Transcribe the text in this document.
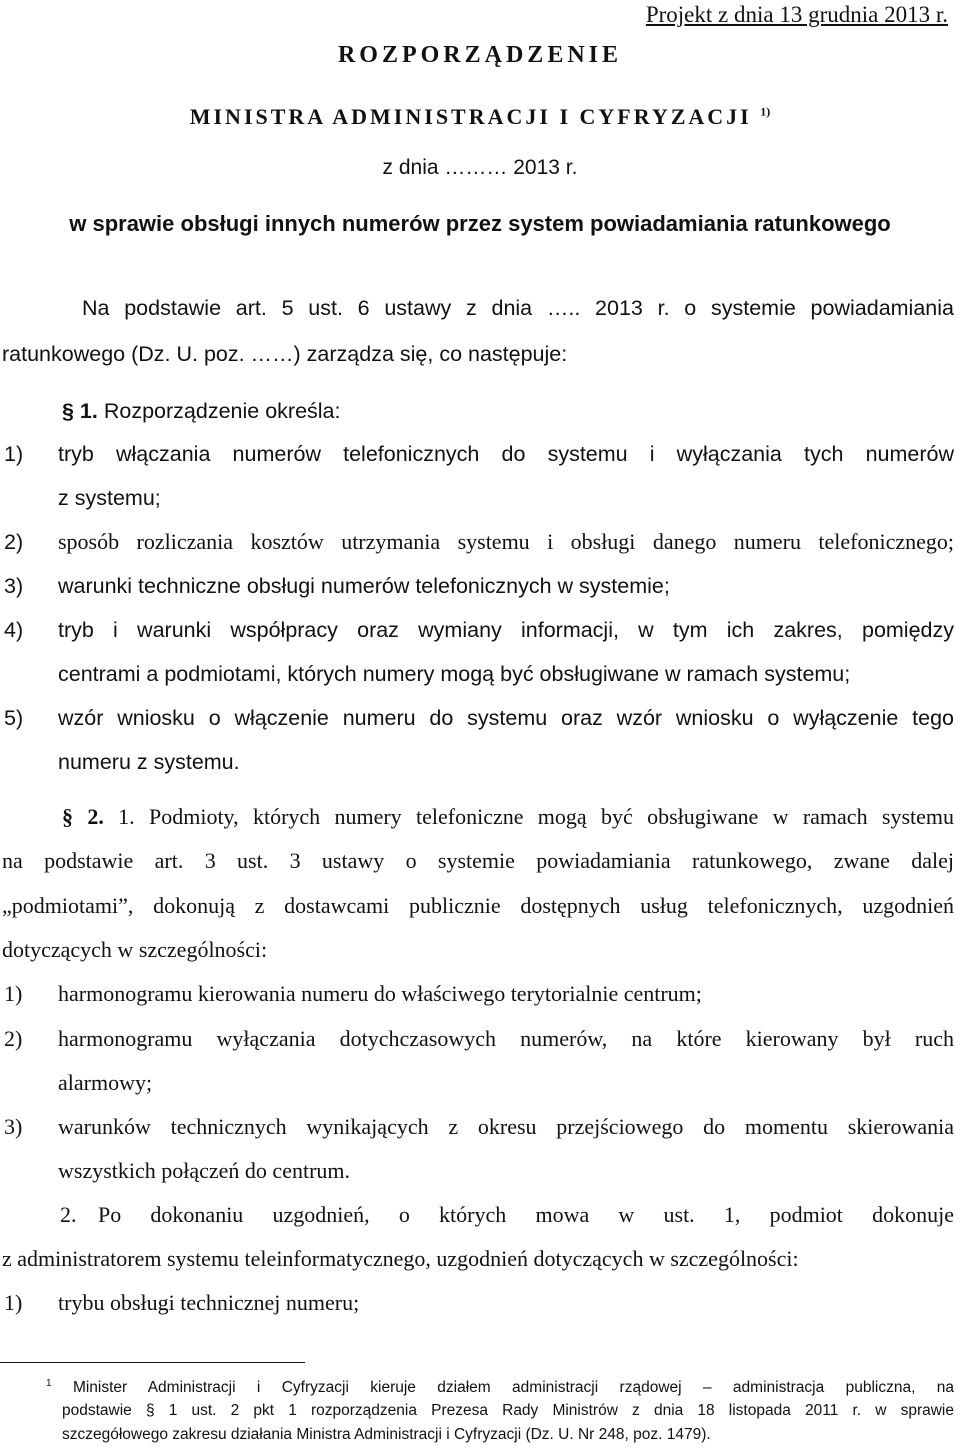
Projekt z dnia 13 grudnia 2013 r.
ROZPORZĄDZENIE
MINISTRA ADMINISTRACJI I CYFRYZACJI $^{1)}$
z dnia ……… 2013 r.
w sprawie obsługi innych numerów przez system powiadamiania ratunkowego
Na podstawie art. 5 ust. 6 ustawy z dnia ….. 2013 r. o systemie powiadamiania
ratunkowego (Dz. U. poz. ……) zarządza się, co następuje:
§ 1. Rozporządzenie określa:
1) tryb włączania numerów telefonicznych do systemu i wyłączania tych numerów
z systemu;
2) sposób rozliczania kosztów utrzymania systemu i obsługi danego numeru telefonicznego;
3) warunki techniczne obsługi numerów telefonicznych w systemie;
4) tryb i warunki współpracy oraz wymiany informacji, w tym ich zakres, pomiędzy
centrami a podmiotami, których numery mogą być obsługiwane w ramach systemu;
5) wzór wniosku o włączenie numeru do systemu oraz wzór wniosku o wyłączenie tego
numeru z systemu.
§ 2. 1. Podmioty, których numery telefoniczne mogą być obsługiwane w ramach systemu
na podstawie art. 3 ust. 3 ustawy o systemie powiadamiania ratunkowego, zwane dalej
„podmiotami”, dokonują z dostawcami publicznie dostępnych usług telefonicznych, uzgodnień
dotyczących w szczególności:
1) harmonogramu kierowania numeru do właściwego terytorialnie centrum;
2) harmonogramu wyłączania dotychczasowych numerów, na które kierowany był ruch
alarmowy;
3) warunków technicznych wynikających z okresu przejściowego do momentu skierowania
wszystkich połączeń do centrum.
2. Po dokonaniu uzgodnień, o których mowa w ust. 1, podmiot dokonuje
z administratorem systemu teleinformatycznego, uzgodnień dotyczących w szczególności:
1) trybu obsługi technicznej numeru;
$^1$ Minister Administracji i Cyfryzacji kieruje działem administracji rządowej – administracja publiczna, na
podstawie § 1 ust. 2 pkt 1 rozporządzenia Prezesa Rady Ministrów z dnia 18 listopada 2011 r. w sprawie
szczegółowego zakresu działania Ministra Administracji i Cyfryzacji (Dz. U. Nr 248, poz. 1479).
